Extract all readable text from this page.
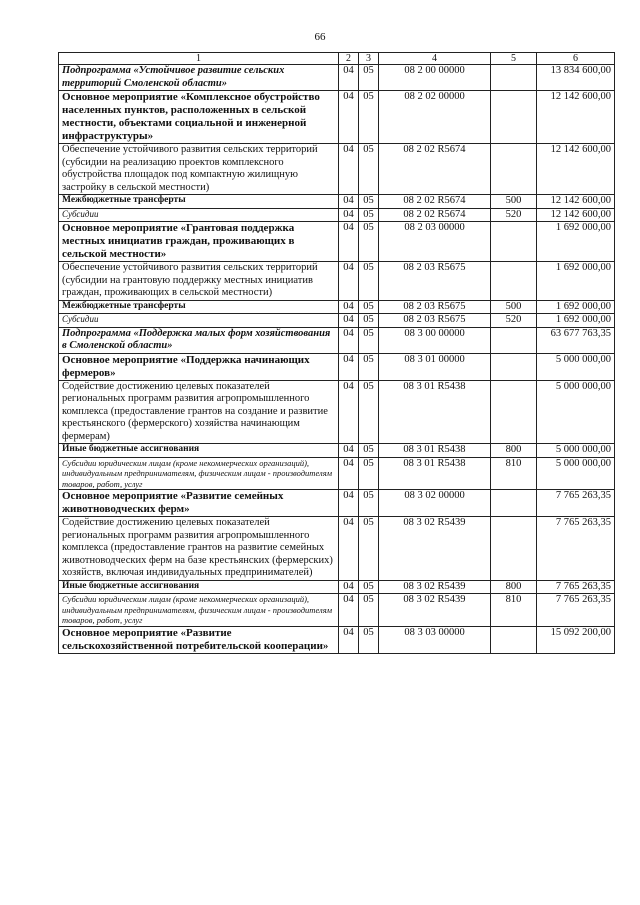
66
1	2	3	4	5	6
Подпрограмма «Устойчивое развитие сельских территорий Смоленской области»	04	05	08 2 00 00000		13 834 600,00
Основное мероприятие «Комплексное обустройство населенных пунктов, расположенных в сельской местности, объектами социальной и инженерной инфраструктуры»	04	05	08 2 02 00000		12 142 600,00
Обеспечение устойчивого развития сельских территорий (субсидии на реализацию проектов комплексного обустройства площадок под компактную жилищную застройку в сельской местности)	04	05	08 2 02 R5674		12 142 600,00
Межбюджетные трансферты	04	05	08 2 02 R5674	500	12 142 600,00
Субсидии	04	05	08 2 02 R5674	520	12 142 600,00
Основное мероприятие «Грантовая поддержка местных инициатив граждан, проживающих в сельской местности»	04	05	08 2 03 00000		1 692 000,00
Обеспечение устойчивого развития сельских территорий (субсидии на грантовую поддержку местных инициатив граждан, проживающих в сельской местности)	04	05	08 2 03 R5675		1 692 000,00
Межбюджетные трансферты	04	05	08 2 03 R5675	500	1 692 000,00
Субсидии	04	05	08 2 03 R5675	520	1 692 000,00
Подпрограмма «Поддержка малых форм хозяйствования в Смоленской области»	04	05	08 3 00 00000		63 677 763,35
Основное мероприятие «Поддержка начинающих фермеров»	04	05	08 3 01 00000		5 000 000,00
Содействие достижению целевых показателей региональных программ развития агропромышленного комплекса (предоставление грантов на создание и развитие крестьянского (фермерского) хозяйства начинающим фермерам)	04	05	08 3 01 R5438		5 000 000,00
Иные бюджетные ассигнования	04	05	08 3 01 R5438	800	5 000 000,00
Субсидии юридическим лицам (кроме некоммерческих организаций), индивидуальным предпринимателям, физическим лицам - производителям товаров, работ, услуг	04	05	08 3 01 R5438	810	5 000 000,00
Основное мероприятие «Развитие семейных животноводческих ферм»	04	05	08 3 02 00000		7 765 263,35
Содействие достижению целевых показателей региональных программ развития агропромышленного комплекса (предоставление грантов на развитие семейных животноводческих ферм на базе крестьянских (фермерских) хозяйств, включая индивидуальных предпринимателей)	04	05	08 3 02 R5439		7 765 263,35
Иные бюджетные ассигнования	04	05	08 3 02 R5439	800	7 765 263,35
Субсидии юридическим лицам (кроме некоммерческих организаций), индивидуальным предпринимателям, физическим лицам - производителям товаров, работ, услуг	04	05	08 3 02 R5439	810	7 765 263,35
Основное мероприятие «Развитие сельскохозяйственной потребительской кооперации»	04	05	08 3 03 00000		15 092 200,00
